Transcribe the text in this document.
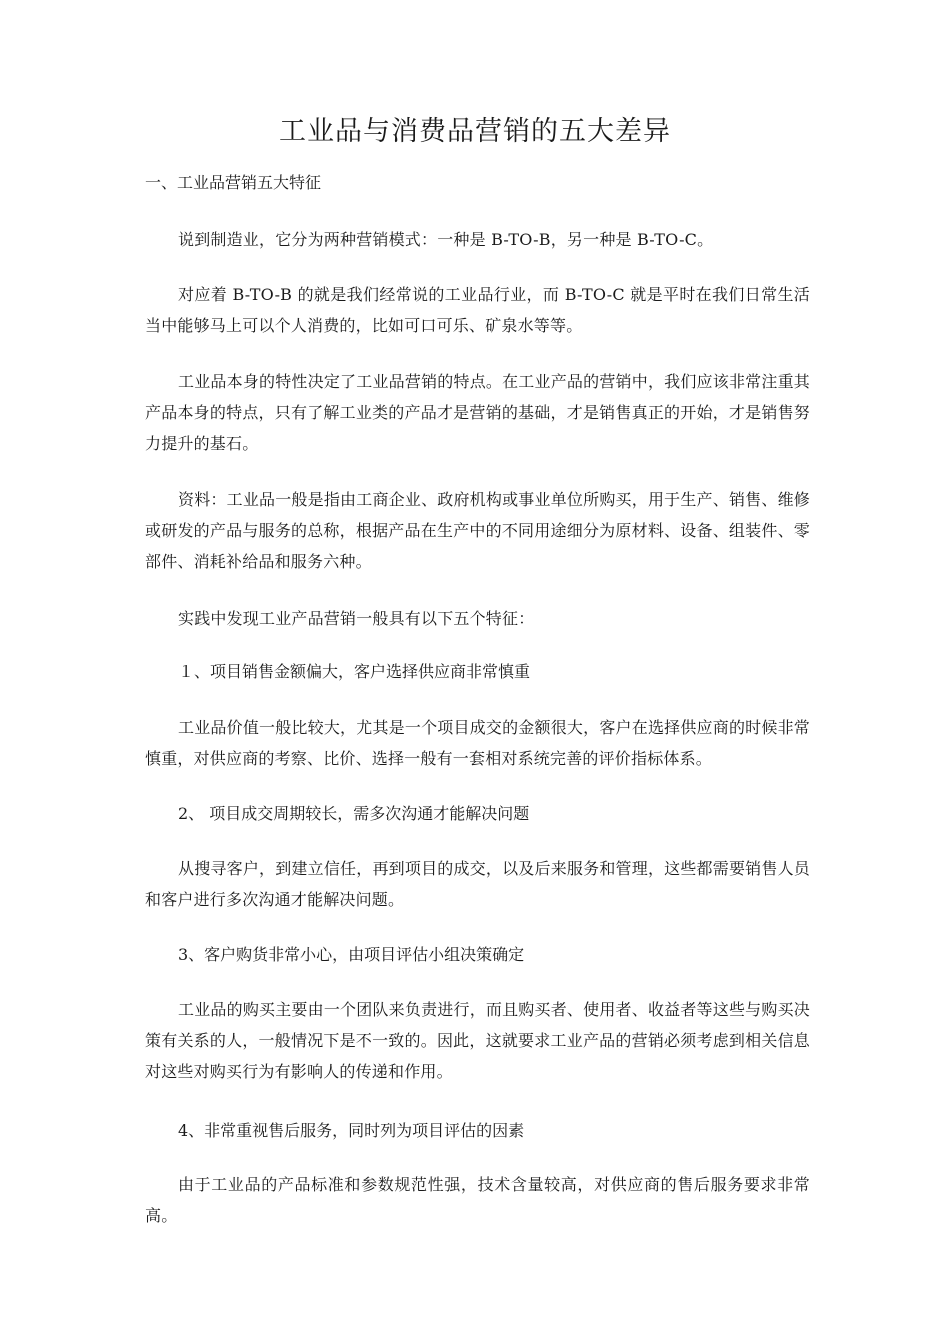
工业品与消费品营销的五大差异
一、工业品营销五大特征
说到制造业，它分为两种营销模式：一种是 B-TO-B，另一种是 B-TO-C。
对应着 B-TO-B 的就是我们经常说的工业品行业，而 B-TO-C 就是平时在我们日常生活当中能够马上可以个人消费的，比如可口可乐、矿泉水等等。
工业品本身的特性决定了工业品营销的特点。在工业产品的营销中，我们应该非常注重其产品本身的特点，只有了解工业类的产品才是营销的基础，才是销售真正的开始，才是销售努力提升的基石。
资料：工业品一般是指由工商企业、政府机构或事业单位所购买，用于生产、销售、维修或研发的产品与服务的总称，根据产品在生产中的不同用途细分为原材料、设备、组装件、零部件、消耗补给品和服务六种。
实践中发现工业产品营销一般具有以下五个特征：
１、项目销售金额偏大，客户选择供应商非常慎重
工业品价值一般比较大，尤其是一个项目成交的金额很大，客户在选择供应商的时候非常慎重，对供应商的考察、比价、选择一般有一套相对系统完善的评价指标体系。
2、 项目成交周期较长，需多次沟通才能解决问题
从搜寻客户，到建立信任，再到项目的成交，以及后来服务和管理，这些都需要销售人员和客户进行多次沟通才能解决问题。
3、客户购货非常小心，由项目评估小组决策确定
工业品的购买主要由一个团队来负责进行，而且购买者、使用者、收益者等这些与购买决策有关系的人，一般情况下是不一致的。因此，这就要求工业产品的营销必须考虑到相关信息对这些对购买行为有影响人的传递和作用。
4、非常重视售后服务，同时列为项目评估的因素
由于工业品的产品标准和参数规范性强，技术含量较高，对供应商的售后服务要求非常高。
